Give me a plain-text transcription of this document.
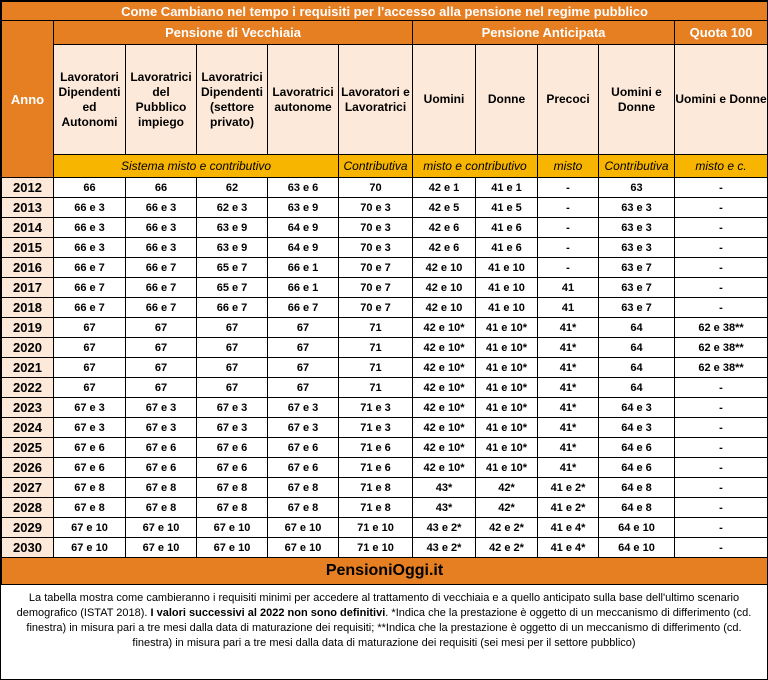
Come Cambiano nel tempo i requisiti per l'accesso alla pensione nel regime pubblico										
Anno	Pensione di Vecchiaia					Pensione Anticipata				Quota 100
	Lavoratori Dipendenti ed Autonomi	Lavoratrici del Pubblico impiego	Lavoratrici Dipendenti (settore privato)	Lavoratrici autonome	Lavoratori e Lavoratrici	Uomini	Donne	Precoci	Uomini e Donne	Uomini e Donne
	Sistema misto e contributivo				Contributiva	misto e contributivo		misto	Contributiva	misto e c.
2012	66	66	62	63 e 6	70	42 e 1	41 e 1	-	63	-
2013	66 e 3	66 e 3	62 e 3	63 e 9	70 e 3	42 e 5	41 e 5	-	63 e 3	-
2014	66 e 3	66 e 3	63 e 9	64 e 9	70 e 3	42 e 6	41 e 6	-	63 e 3	-
2015	66 e 3	66 e 3	63 e 9	64 e 9	70 e 3	42 e 6	41 e 6	-	63 e 3	-
2016	66 e 7	66 e 7	65 e 7	66 e 1	70 e 7	42 e 10	41 e 10	-	63 e 7	-
2017	66 e 7	66 e 7	65 e 7	66 e 1	70 e 7	42 e 10	41 e 10	41	63 e 7	-
2018	66 e 7	66 e 7	66 e 7	66 e 7	70 e 7	42 e 10	41 e 10	41	63 e 7	-
2019	67	67	67	67	71	42 e 10*	41 e 10*	41*	64	62 e 38**
2020	67	67	67	67	71	42 e 10*	41 e 10*	41*	64	62 e 38**
2021	67	67	67	67	71	42 e 10*	41 e 10*	41*	64	62 e 38**
2022	67	67	67	67	71	42 e 10*	41 e 10*	41*	64	-
2023	67 e 3	67 e 3	67 e 3	67 e 3	71 e 3	42 e 10*	41 e 10*	41*	64 e 3	-
2024	67 e 3	67 e 3	67 e 3	67 e 3	71 e 3	42 e 10*	41 e 10*	41*	64 e 3	-
2025	67 e 6	67 e 6	67 e 6	67 e 6	71 e 6	42 e 10*	41 e 10*	41*	64 e 6	-
2026	67 e 6	67 e 6	67 e 6	67 e 6	71 e 6	42 e 10*	41 e 10*	41*	64 e 6	-
2027	67 e 8	67 e 8	67 e 8	67 e 8	71 e 8	43*	42*	41 e 2*	64 e 8	-
2028	67 e 8	67 e 8	67 e 8	67 e 8	71 e 8	43*	42*	41 e 2*	64 e 8	-
2029	67 e 10	67 e 10	67 e 10	67 e 10	71 e 10	43 e 2*	42 e 2*	41 e 4*	64 e 10	-
2030	67 e 10	67 e 10	67 e 10	67 e 10	71 e 10	43 e 2*	42 e 2*	41 e 4*	64 e 10	-
PensioniOggi.it										
La tabella mostra come cambieranno i requisiti minimi per accedere al trattamento di vecchiaia e a quello anticipato sulla base dell'ultimo scenario demografico (ISTAT 2018). I valori successivi al 2022 non sono definitivi. *Indica che la prestazione è oggetto di un meccanismo di differimento (cd. finestra) in misura pari a tre mesi dalla data di maturazione dei requisiti; **Indica che la prestazione è oggetto di un meccanismo di differimento (cd. finestra) in misura pari a tre mesi dalla data di maturazione dei requisiti (sei mesi per il settore pubblico)
